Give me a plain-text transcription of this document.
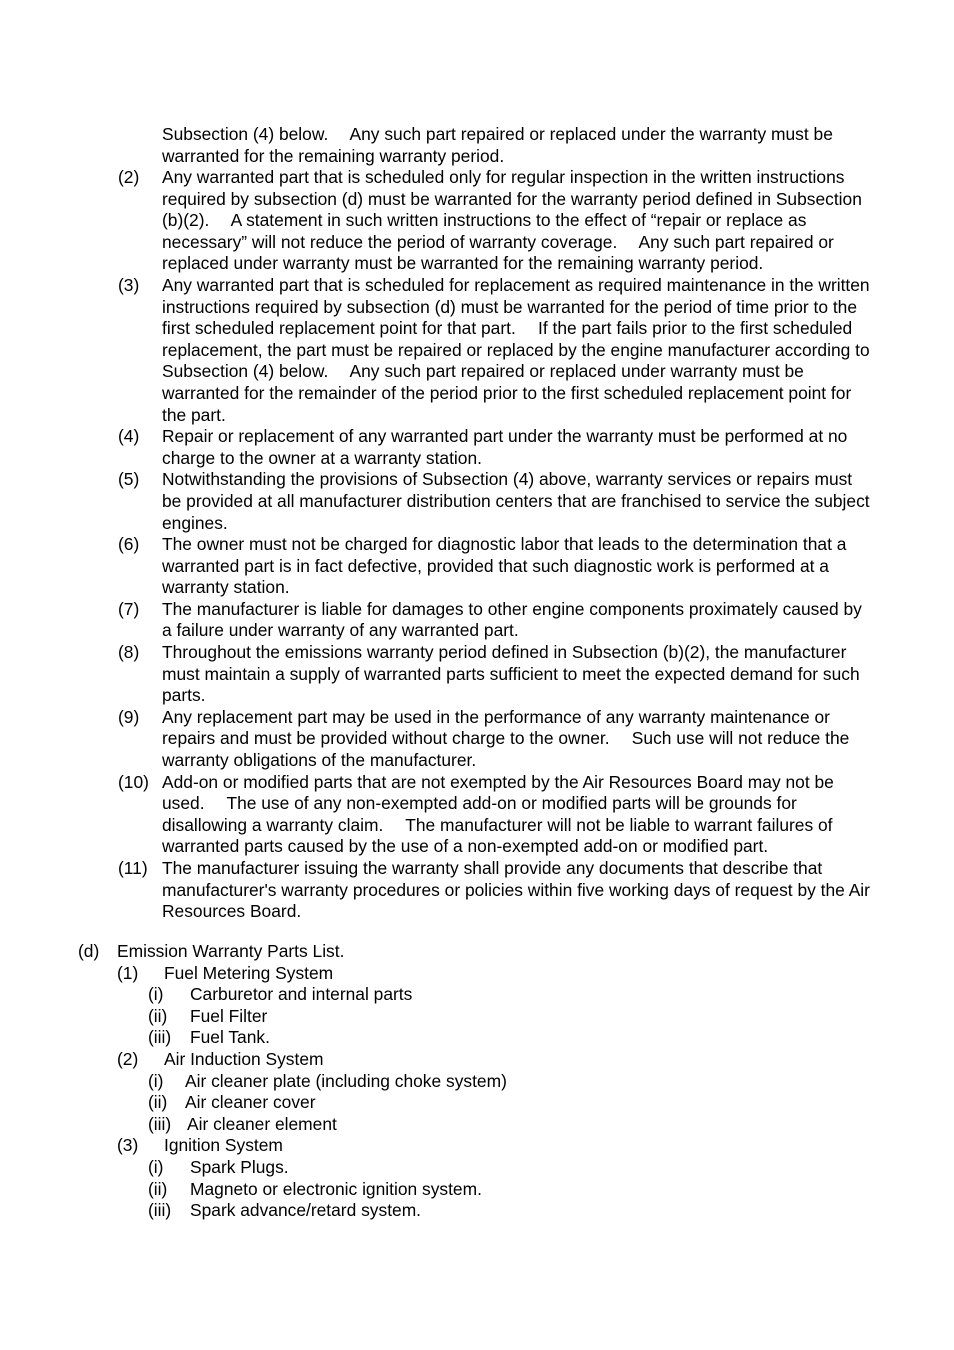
Subsection (4) below.  Any such part repaired or replaced under the warranty must be warranted for the remaining warranty period.
(2)	Any warranted part that is scheduled only for regular inspection in the written instructions required by subsection (d) must be warranted for the warranty period defined in Subsection (b)(2).  A statement in such written instructions to the effect of “repair or replace as necessary” will not reduce the period of warranty coverage.  Any such part repaired or replaced under warranty must be warranted for the remaining warranty period.
(3)	Any warranted part that is scheduled for replacement as required maintenance in the written instructions required by subsection (d) must be warranted for the period of time prior to the first scheduled replacement point for that part.  If the part fails prior to the first scheduled replacement, the part must be repaired or replaced by the engine manufacturer according to Subsection (4) below.  Any such part repaired or replaced under warranty must be warranted for the remainder of the period prior to the first scheduled replacement point for the part.
(4)	Repair or replacement of any warranted part under the warranty must be performed at no charge to the owner at a warranty station.
(5)	Notwithstanding the provisions of Subsection (4) above, warranty services or repairs must be provided at all manufacturer distribution centers that are franchised to service the subject engines.
(6)	The owner must not be charged for diagnostic labor that leads to the determination that a warranted part is in fact defective, provided that such diagnostic work is performed at a warranty station.
(7)	The manufacturer is liable for damages to other engine components proximately caused by a failure under warranty of any warranted part.
(8)	Throughout the emissions warranty period defined in Subsection (b)(2), the manufacturer must maintain a supply of warranted parts sufficient to meet the expected demand for such parts.
(9)	Any replacement part may be used in the performance of any warranty maintenance or repairs and must be provided without charge to the owner.  Such use will not reduce the warranty obligations of the manufacturer.
(10) Add-on or modified parts that are not exempted by the Air Resources Board may not be used.  The use of any non-exempted add-on or modified parts will be grounds for disallowing a warranty claim.  The manufacturer will not be liable to warrant failures of warranted parts caused by the use of a non-exempted add-on or modified part.
(11) The manufacturer issuing the warranty shall provide any documents that describe that manufacturer's warranty procedures or policies within five working days of request by the Air Resources Board.
(d)	Emission Warranty Parts List.
(1)	Fuel Metering System
(i)	Carburetor and internal parts
(ii)	Fuel Filter
(iii)	Fuel Tank.
(2)	Air Induction System
(i)	Air cleaner plate (including choke system)
(ii)	Air cleaner cover
(iii) Air cleaner element
(3)	Ignition System
(i)	Spark Plugs.
(ii)	Magneto or electronic ignition system.
(iii)	Spark advance/retard system.
